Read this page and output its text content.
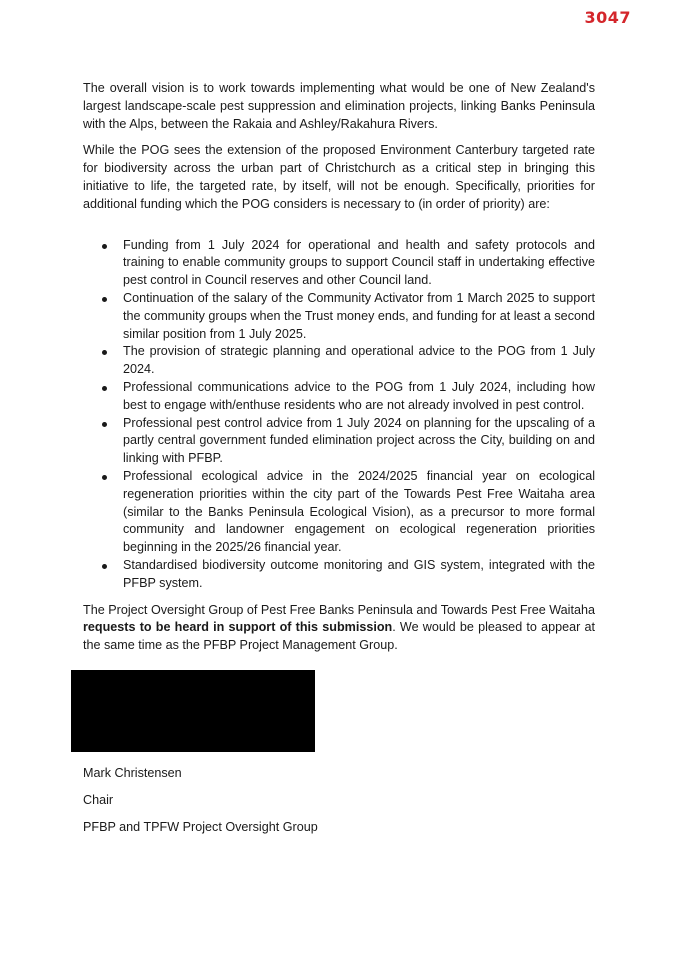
3047

The overall vision is to work towards implementing what would be one of New Zealand's largest landscape-scale pest suppression and elimination projects, linking Banks Peninsula with the Alps, between the Rakaia and Ashley/Rakahura Rivers.

While the POG sees the extension of the proposed Environment Canterbury targeted rate for biodiversity across the urban part of Christchurch as a critical step in bringing this initiative to life, the targeted rate, by itself, will not be enough. Specifically, priorities for additional funding which the POG considers is necessary to (in order of priority) are:

Funding from 1 July 2024 for operational and health and safety protocols and training to enable community groups to support Council staff in undertaking effective pest control in Council reserves and other Council land.
Continuation of the salary of the Community Activator from 1 March 2025 to support the community groups when the Trust money ends, and funding for at least a second similar position from 1 July 2025.
The provision of strategic planning and operational advice to the POG from 1 July 2024.
Professional communications advice to the POG from 1 July 2024, including how best to engage with/enthuse residents who are not already involved in pest control.
Professional pest control advice from 1 July 2024 on planning for the upscaling of a partly central government funded elimination project across the City, building on and linking with PFBP.
Professional ecological advice in the 2024/2025 financial year on ecological regeneration priorities within the city part of the Towards Pest Free Waitaha area (similar to the Banks Peninsula Ecological Vision), as a precursor to more formal community and landowner engagement on ecological regeneration priorities beginning in the 2025/26 financial year.
Standardised biodiversity outcome monitoring and GIS system, integrated with the PFBP system.

The Project Oversight Group of Pest Free Banks Peninsula and Towards Pest Free Waitaha requests to be heard in support of this submission. We would be pleased to appear at the same time as the PFBP Project Management Group.

Mark Christensen

Chair

PFBP and TPFW Project Oversight Group
